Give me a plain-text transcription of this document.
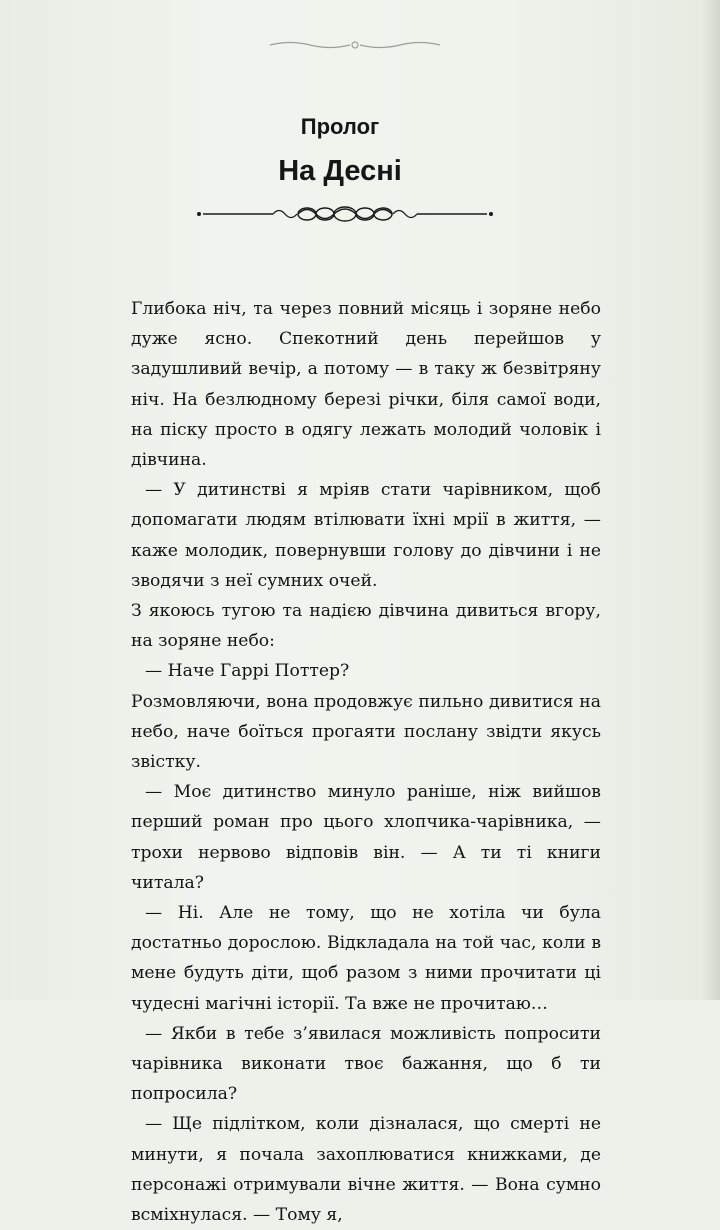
Пролог
На Десні

Глибока ніч, та через повний місяць і зоряне небо дуже ясно. Спекотний день перейшов у задушливий вечір, а потому — в таку ж безвітряну ніч. На безлюдному березі річки, біля самої води, на піску просто в одягу лежать молодий чоловік і дівчина.

— У дитинстві я мріяв стати чарівником, щоб допомагати людям втілювати їхні мрії в життя, — каже молодик, повернувши голову до дівчини і не зводячи з неї сумних очей.

З якоюсь тугою та надією дівчина дивиться вгору, на зоряне небо:

— Наче Гаррі Поттер?

Розмовляючи, вона продовжує пильно дивитися на небо, наче боїться прогаяти послану звідти якусь звістку.

— Моє дитинство минуло раніше, ніж вийшов перший роман про цього хлопчика-чарівника, — трохи нервово відповів він. — А ти ті книги читала?

— Ні. Але не тому, що не хотіла чи була достатньо дорослою. Відкладала на той час, коли в мене будуть діти, щоб разом з ними прочитати ці чудесні магічні історії. Та вже не прочитаю…

— Якби в тебе з’явилася можливість попросити чарівника виконати твоє бажання, що б ти попросила?

— Ще підлітком, коли дізналася, що смерті не минути, я почала захоплюватися книжками, де персонажі отримували вічне життя. — Вона сумно всміхнулася. — Тому я,
